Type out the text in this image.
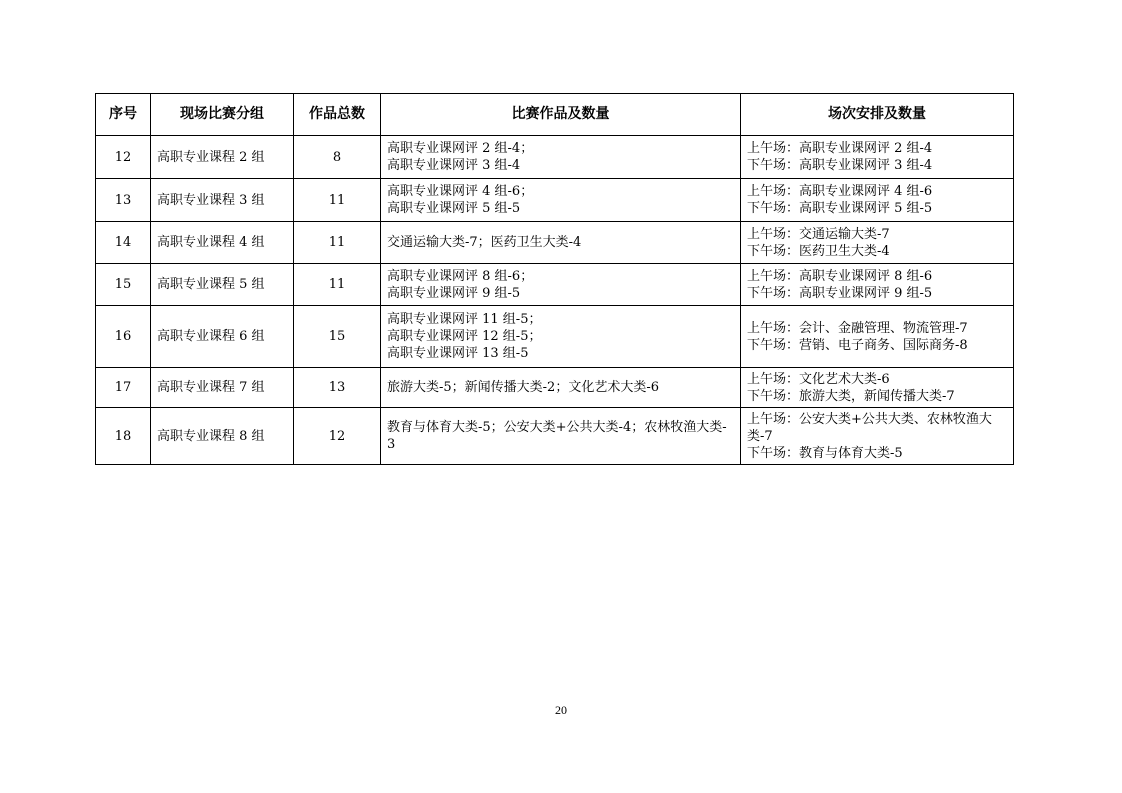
序号	现场比赛分组	作品总数	比赛作品及数量	场次安排及数量
12	高职专业课程 2 组	8	高职专业课网评 2 组-4；
高职专业课网评 3 组-4	上午场：高职专业课网评 2 组-4
下午场：高职专业课网评 3 组-4

13	高职专业课程 3 组	11	高职专业课网评 4 组-6；
高职专业课网评 5 组-5	上午场：高职专业课网评 4 组-6
下午场：高职专业课网评 5 组-5

14	高职专业课程 4 组	11	交通运输大类-7；医药卫生大类-4	上午场：交通运输大类-7
下午场：医药卫生大类-4

15	高职专业课程 5 组	11	高职专业课网评 8 组-6；
高职专业课网评 9 组-5	上午场：高职专业课网评 8 组-6
下午场：高职专业课网评 9 组-5

16	高职专业课程 6 组	15	高职专业课网评 11 组-5；
高职专业课网评 12 组-5；
高职专业课网评 13 组-5	上午场：会计、金融管理、物流管理-7
下午场：营销、电子商务、国际商务-8

17	高职专业课程 7 组	13	旅游大类-5；新闻传播大类-2；文化艺术大类-6	上午场：文化艺术大类-6
下午场：旅游大类，新闻传播大类-7

18	高职专业课程 8 组	12	教育与体育大类-5；公安大类+公共大类-4；农林牧渔大类-3	上午场：公安大类+公共大类、农林牧渔大类-7
下午场：教育与体育大类-5
20
